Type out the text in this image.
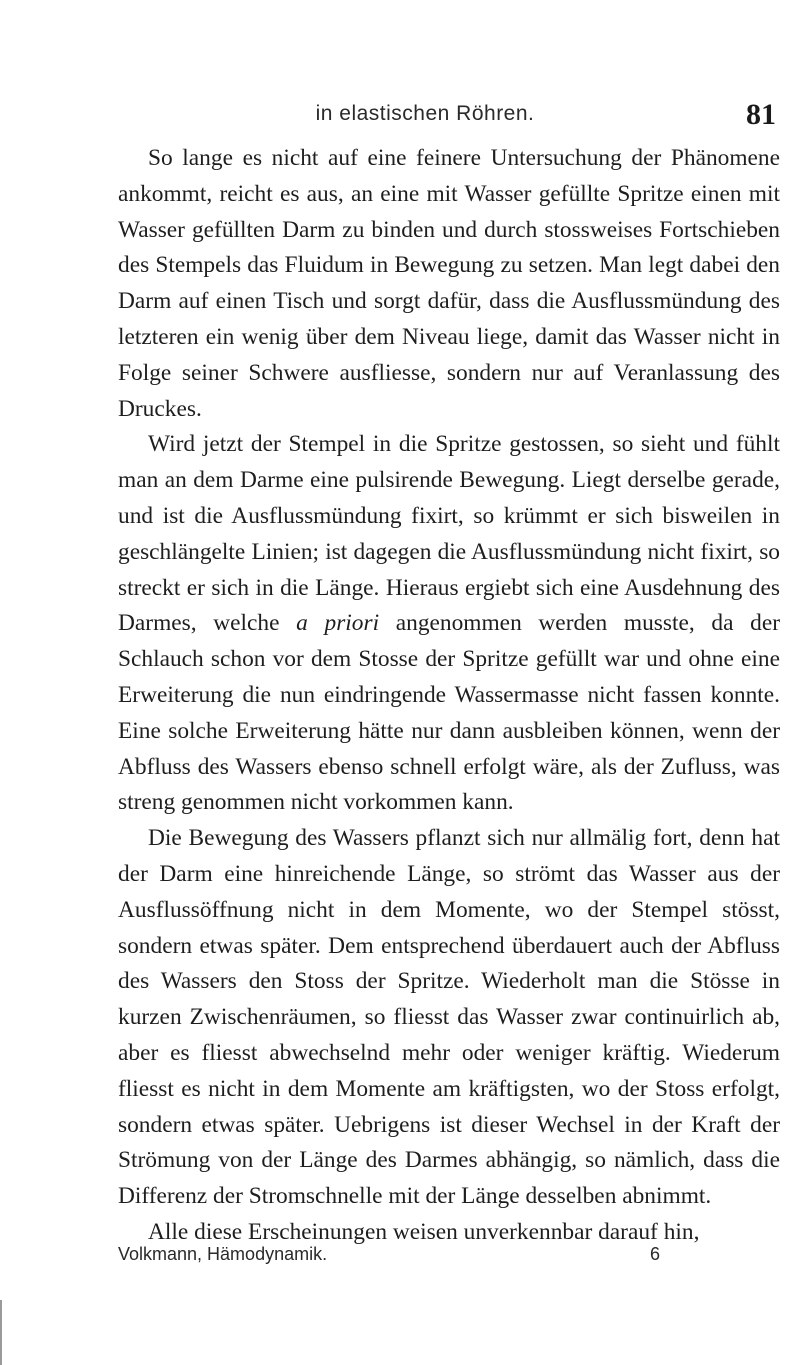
in elastischen Röhren.	81

So lange es nicht auf eine feinere Untersuchung der Phänomene ankommt, reicht es aus, an eine mit Wasser gefüllte Spritze einen mit Wasser gefüllten Darm zu binden und durch stossweises Fortschieben des Stempels das Fluidum in Bewegung zu setzen. Man legt dabei den Darm auf einen Tisch und sorgt dafür, dass die Ausflussmündung des letzteren ein wenig über dem Niveau liege, damit das Wasser nicht in Folge seiner Schwere ausfliesse, sondern nur auf Veranlassung des Druckes.

Wird jetzt der Stempel in die Spritze gestossen, so sieht und fühlt man an dem Darme eine pulsirende Bewegung. Liegt derselbe gerade, und ist die Ausflussmündung fixirt, so krümmt er sich bisweilen in geschlängelte Linien; ist dagegen die Ausflussmündung nicht fixirt, so streckt er sich in die Länge. Hieraus ergiebt sich eine Ausdehnung des Darmes, welche a priori angenommen werden musste, da der Schlauch schon vor dem Stosse der Spritze gefüllt war und ohne eine Erweiterung die nun eindringende Wassermasse nicht fassen konnte. Eine solche Erweiterung hätte nur dann ausbleiben können, wenn der Abfluss des Wassers ebenso schnell erfolgt wäre, als der Zufluss, was streng genommen nicht vorkommen kann.

Die Bewegung des Wassers pflanzt sich nur allmälig fort, denn hat der Darm eine hinreichende Länge, so strömt das Wasser aus der Ausflussöffnung nicht in dem Momente, wo der Stempel stösst, sondern etwas später. Dem entsprechend überdauert auch der Abfluss des Wassers den Stoss der Spritze. Wiederholt man die Stösse in kurzen Zwischenräumen, so fliesst das Wasser zwar continuirlich ab, aber es fliesst abwechselnd mehr oder weniger kräftig. Wiederum fliesst es nicht in dem Momente am kräftigsten, wo der Stoss erfolgt, sondern etwas später. Uebrigens ist dieser Wechsel in der Kraft der Strömung von der Länge des Darmes abhängig, so nämlich, dass die Differenz der Stromschnelle mit der Länge desselben abnimmt.

Alle diese Erscheinungen weisen unverkennbar darauf hin,

Volkmann, Hämodynamik.	6
